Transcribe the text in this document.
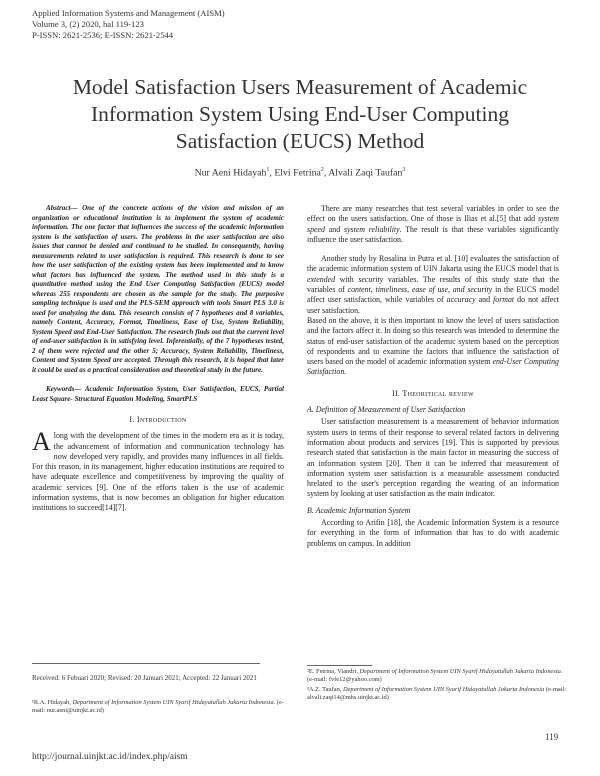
Applied Information Systems and Management (AISM)
Volume 3, (2) 2020, hal 119-123
P-ISSN: 2621-2536; E-ISSN: 2621-2544
Model Satisfaction Users Measurement of Academic Information System Using End-User Computing Satisfaction (EUCS) Method
Nur Aeni Hidayah$^1$, Elvi Fetrina$^2$, Alvali Zaqi Taufan$^3$

Abstract— One of the concrete actions of the vision and mission of an organization or educational institution is to implement the system of academic information. The one factor that influences the success of the academic information system is the satisfaction of users. The problems in the user satisfaction are also issues that cannot be denied and continued to be studied. In consequently, having measurements related to user satisfaction is required. This research is done to see how the user satisfaction of the existing system has been implemented and to know what factors has influenced the system. The method used in this study is a quantitative method using the End User Computing Satisfaction (EUCS) model whereas 255 respondents are chosen as the sample for the study. The purposive sampling technique is used and the PLS-SEM approach with tools Smart PLS 3.0 is used for analyzing the data. This research consists of 7 hypotheses and 8 variables, namely Content, Accuracy, Format, Timeliness, Ease of Use, System Reliability, System Speed and End-User Satisfaction. The research finds out that the current level of end-user satisfaction is in satisfying level. Inferentially, of the 7 hypotheses tested, 2 of them were rejected and the other 5; Accuracy, System Reliability, Timeliness, Content and System Speed are accepted. Through this research, it is hoped that later it could be used as a practical consideration and theoretical study in the future.

Keywords— Academic Information System, User Satisfaction, EUCS, Partial Least Square- Structural Equation Modeling, SmartPLS

I. Introduction

Along with the development of the times in the modern era as it is today, the advancement of information and communication technology has now developed very rapidly, and provides many influences in all fields. For this reason, in its management, higher education institutions are required to have adequate excellence and competitiveness by improving the quality of academic services [9]. One of the efforts taken is the use of academic information systems, that is now becomes an obligation for higher education institutions to succeed[14][7].

There are many researches that test several variables in order to see the effect on the users satisfaction. One of those is Ilias et al.[5] that add system speed and system reliability. The result is that these variables significantly influence the user satisfaction.

Another study by Rosalina in Putra et al. [10] evaluates the satisfaction of the academic information system of UIN Jakarta using the EUCS model that is extended with security variables. The results of this study state that the variables of content, timeliness, ease of use, and security in the EUCS model affect user satisfaction, while variables of accuracy and format do not affect user satisfaction.

Based on the above, it is then important to know the level of users satisfaction and the factors affect it. In doing so this research was intended to determine the status of end-user satisfaction of the academic system based on the perception of respondents and to examine the factors that influence the satisfaction of users based on the model of academic information system end-User Computing Satisfaction.

II. Theoritical review
A. Definition of Measurement of User Satisfaction

User satisfaction measurement is a measurement of behavior information system users in terms of their response to several related factors in delivering information about products and services [19]. This is supported by previous research stated that satisfaction is the main factor in measuring the success of an information system [20]. Then it can be inferred that measurement of information system user satisfaction is a measurable assessment conducted hrelated to the user's perception regarding the wearing of an information system by looking at user satisfaction as the main indicator.

B. Academic Information System

According to Arifin [18], the Academic Information System is a resource for everything in the form of information that has to do with academic problems on campus. In addition

Received: 6 Febuari 2020; Revised: 20 Januari 2021; Accepted: 22 Januari 2021
¹R.A. Hidayah, Department of Information System UIN Syarif Hidayatullah Jakarta Indonesia. (e-mail: nur.aeni@uinjkt.ac.id)

²E. Fetrina, Viandri, Department of Information System UIN Syarif Hidayatullah Jakarta Indonesia. (e-mail: fvfe12@yahoo.com)

³A.Z. Taufan, Department of Information System UIN Syarif Hidayatullah Jakarta Indonesia (e-mail: alvali.zaqi14@mhs.uinjkt.ac.id)

119
http://journal.uinjkt.ac.id/index.php/aism
